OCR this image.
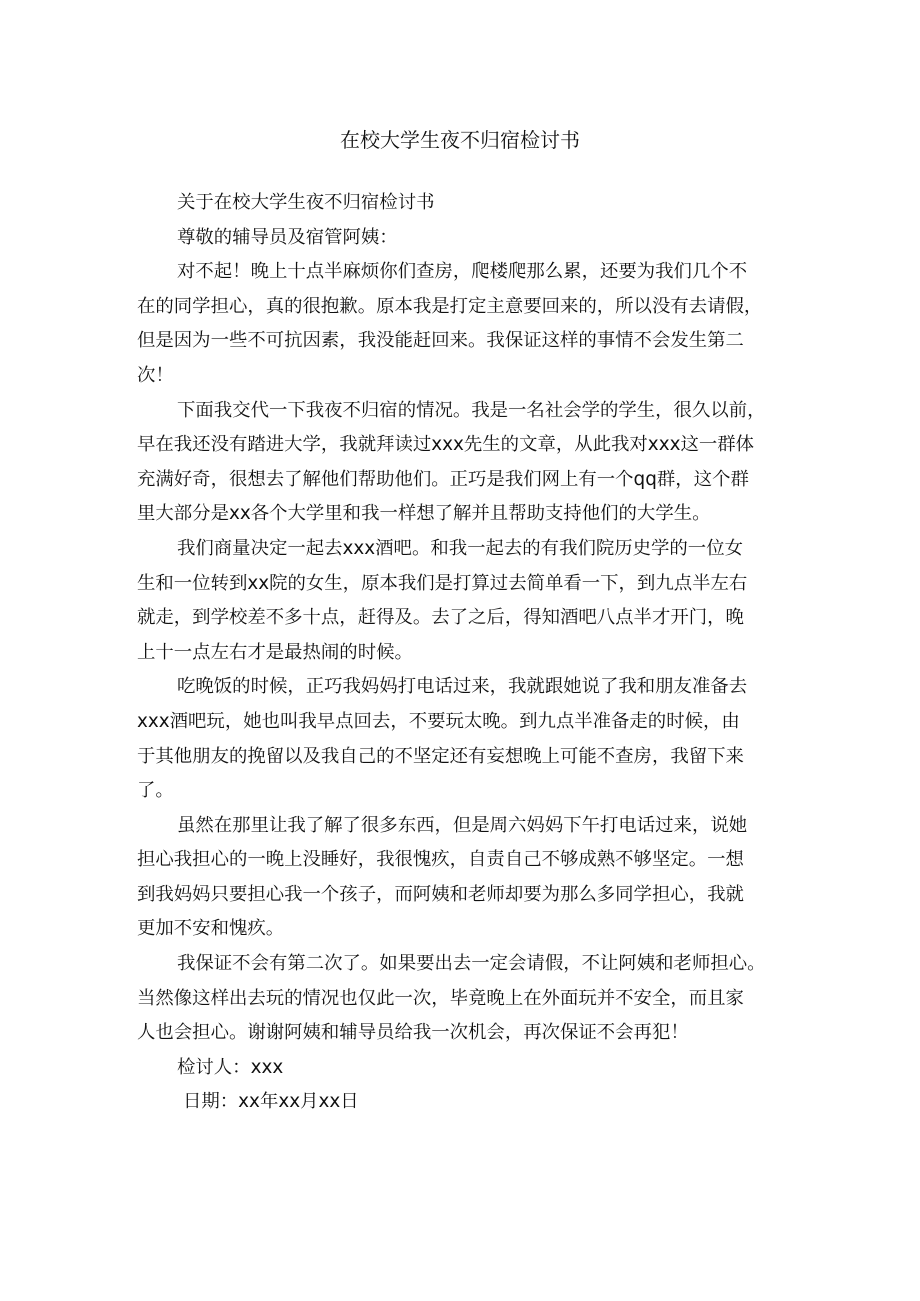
在校大学生夜不归宿检讨书
关于在校大学生夜不归宿检讨书
尊敬的辅导员及宿管阿姨：
对不起！晚上十点半麻烦你们查房，爬楼爬那么累，还要为我们几个不
在的同学担心，真的很抱歉。原本我是打定主意要回来的，所以没有去请假，
但是因为一些不可抗因素，我没能赶回来。我保证这样的事情不会发生第二
次！
下面我交代一下我夜不归宿的情况。我是一名社会学的学生，很久以前，
早在我还没有踏进大学，我就拜读过xxx先生的文章，从此我对xxx这一群体
充满好奇，很想去了解他们帮助他们。正巧是我们网上有一个qq群，这个群
里大部分是xx各个大学里和我一样想了解并且帮助支持他们的大学生。
我们商量决定一起去xxx酒吧。和我一起去的有我们院历史学的一位女
生和一位转到xx院的女生，原本我们是打算过去简单看一下，到九点半左右
就走，到学校差不多十点，赶得及。去了之后，得知酒吧八点半才开门，晚
上十一点左右才是最热闹的时候。
吃晚饭的时候，正巧我妈妈打电话过来，我就跟她说了我和朋友准备去
xxx酒吧玩，她也叫我早点回去，不要玩太晚。到九点半准备走的时候，由
于其他朋友的挽留以及我自己的不坚定还有妄想晚上可能不查房，我留下来
了。
虽然在那里让我了解了很多东西，但是周六妈妈下午打电话过来，说她
担心我担心的一晚上没睡好，我很愧疚，自责自己不够成熟不够坚定。一想
到我妈妈只要担心我一个孩子，而阿姨和老师却要为那么多同学担心，我就
更加不安和愧疚。
我保证不会有第二次了。如果要出去一定会请假，不让阿姨和老师担心。
当然像这样出去玩的情况也仅此一次，毕竟晚上在外面玩并不安全，而且家
人也会担心。谢谢阿姨和辅导员给我一次机会，再次保证不会再犯！
检讨人：xxx
日期：xx年xx月xx日
